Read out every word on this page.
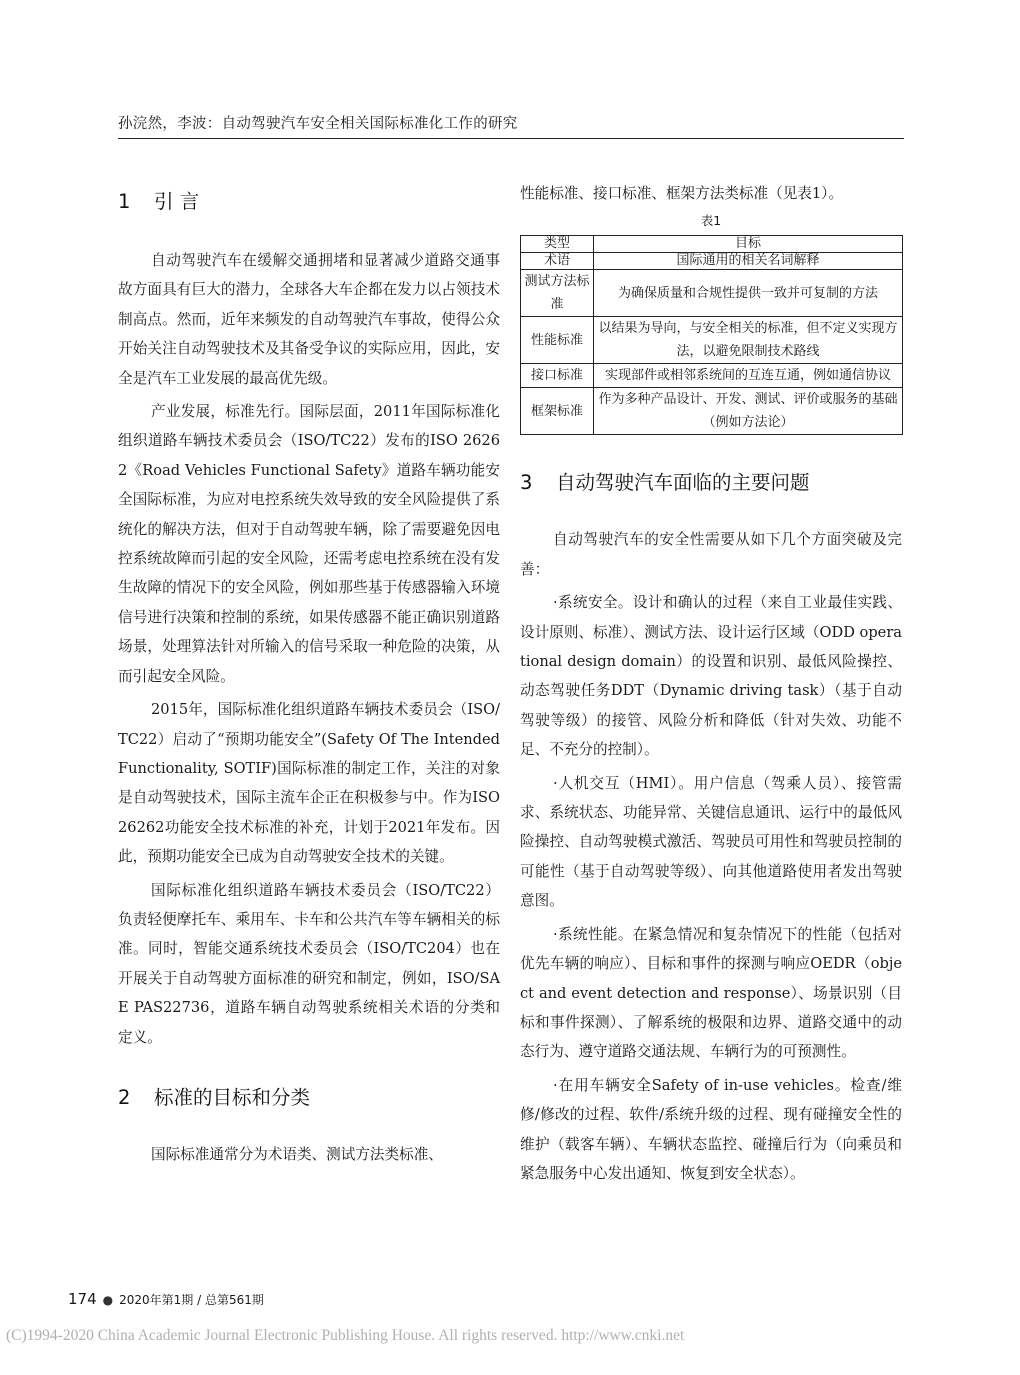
孙浣然，李波：自动驾驶汽车安全相关国际标准化工作的研究
1 引 言

自动驾驶汽车在缓解交通拥堵和显著减少道路交通事故方面具有巨大的潜力，全球各大车企都在发力以占领技术制高点。然而，近年来频发的自动驾驶汽车事故，使得公众开始关注自动驾驶技术及其备受争议的实际应用，因此，安全是汽车工业发展的最高优先级。

产业发展，标准先行。国际层面，2011年国际标准化组织道路车辆技术委员会（ISO/TC22）发布的ISO 26262《Road Vehicles Functional Safety》道路车辆功能安全国际标准，为应对电控系统失效导致的安全风险提供了系统化的解决方法，但对于自动驾驶车辆，除了需要避免因电控系统故障而引起的安全风险，还需考虑电控系统在没有发生故障的情况下的安全风险，例如那些基于传感器输入环境信号进行决策和控制的系统，如果传感器不能正确识别道路场景，处理算法针对所输入的信号采取一种危险的决策，从而引起安全风险。

2015年，国际标准化组织道路车辆技术委员会（ISO/TC22）启动了“预期功能安全”(Safety Of The Intended Functionality, SOTIF)国际标准的制定工作，关注的对象是自动驾驶技术，国际主流车企正在积极参与中。作为ISO 26262功能安全技术标准的补充，计划于2021年发布。因此，预期功能安全已成为自动驾驶安全技术的关键。

国际标准化组织道路车辆技术委员会（ISO/TC22）负责轻便摩托车、乘用车、卡车和公共汽车等车辆相关的标准。同时，智能交通系统技术委员会（ISO/TC204）也在开展关于自动驾驶方面标准的研究和制定，例如，ISO/SAE PAS22736，道路车辆自动驾驶系统相关术语的分类和定义。

2 标准的目标和分类

国际标准通常分为术语类、测试方法类标准、

性能标准、接口标准、框架方法类标准（见表1）。

表1
类型	目标
术语	国际通用的相关名词解释
测试方法标准	为确保质量和合规性提供一致并可复制的方法
性能标准	以结果为导向，与安全相关的标准，但不定义实现方法，以避免限制技术路线
接口标准	实现部件或相邻系统间的互连互通，例如通信协议
框架标准	作为多种产品设计、开发、测试、评价或服务的基础（例如方法论）
3 自动驾驶汽车面临的主要问题

自动驾驶汽车的安全性需要从如下几个方面突破及完善：

·系统安全。设计和确认的过程（来自工业最佳实践、设计原则、标准）、测试方法、设计运行区域（ODD operational design domain）的设置和识别、最低风险操控、动态驾驶任务DDT（Dynamic driving task）（基于自动驾驶等级）的接管、风险分析和降低（针对失效、功能不足、不充分的控制）。

·人机交互（HMI）。用户信息（驾乘人员）、接管需求、系统状态、功能异常、关键信息通讯、运行中的最低风险操控、自动驾驶模式激活、驾驶员可用性和驾驶员控制的可能性（基于自动驾驶等级）、向其他道路使用者发出驾驶意图。

·系统性能。在紧急情况和复杂情况下的性能（包括对优先车辆的响应）、目标和事件的探测与响应OEDR（object and event detection and response）、场景识别（目标和事件探测）、了解系统的极限和边界、道路交通中的动态行为、遵守道路交通法规、车辆行为的可预测性。

·在用车辆安全Safety of in-use vehicles。检查/维修/修改的过程、软件/系统升级的过程、现有碰撞安全性的维护（载客车辆）、车辆状态监控、碰撞后行为（向乘员和紧急服务中心发出通知、恢复到安全状态）。

174 ● 2020年第1期 / 总第561期
(C)1994-2020 China Academic Journal Electronic Publishing House. All rights reserved. http://www.cnki.net
